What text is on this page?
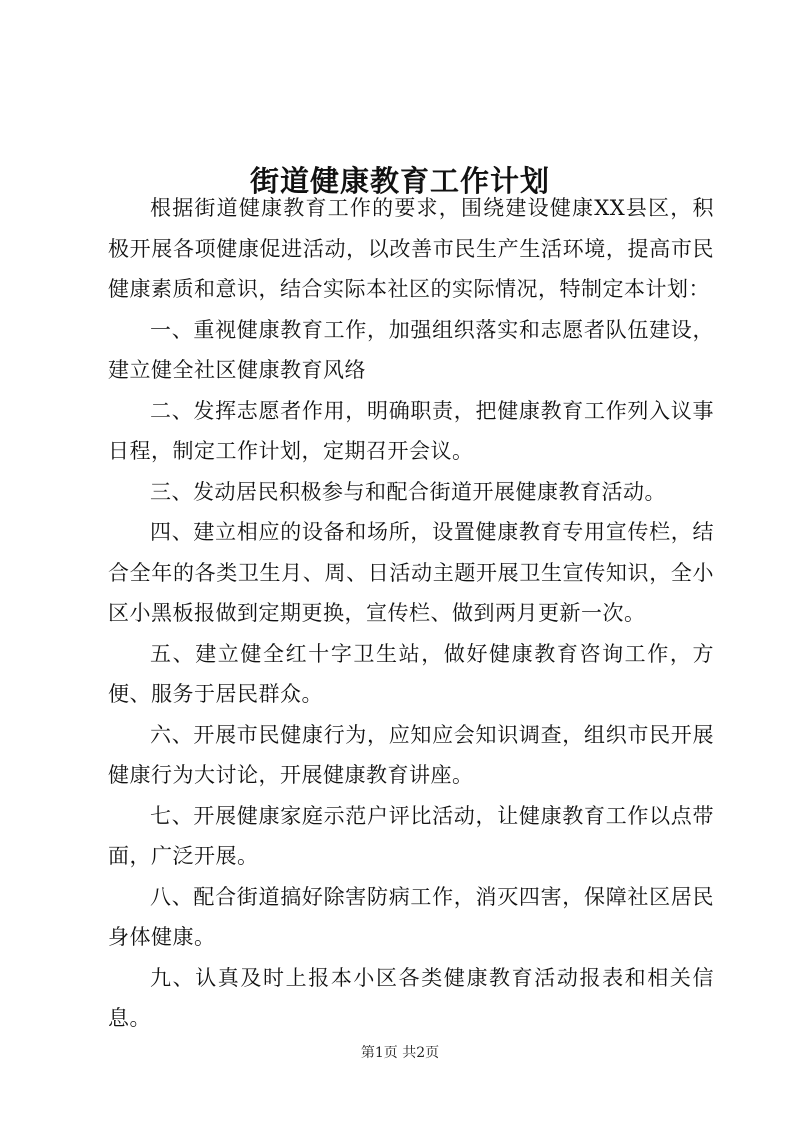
街道健康教育工作计划

根据街道健康教育工作的要求，围绕建设健康XX县区，积极开展各项健康促进活动，以改善市民生产生活环境，提高市民健康素质和意识，结合实际本社区的实际情况，特制定本计划：

一、重视健康教育工作，加强组织落实和志愿者队伍建设，建立健全社区健康教育风络

二、发挥志愿者作用，明确职责，把健康教育工作列入议事日程，制定工作计划，定期召开会议。

三、发动居民积极参与和配合街道开展健康教育活动。

四、建立相应的设备和场所，设置健康教育专用宣传栏，结合全年的各类卫生月、周、日活动主题开展卫生宣传知识，全小区小黑板报做到定期更换，宣传栏、做到两月更新一次。

五、建立健全红十字卫生站，做好健康教育咨询工作，方便、服务于居民群众。

六、开展市民健康行为，应知应会知识调查，组织市民开展健康行为大讨论，开展健康教育讲座。

七、开展健康家庭示范户评比活动，让健康教育工作以点带面，广泛开展。

八、配合街道搞好除害防病工作，消灭四害，保障社区居民身体健康。

九、认真及时上报本小区各类健康教育活动报表和相关信息。

第1页 共2页
